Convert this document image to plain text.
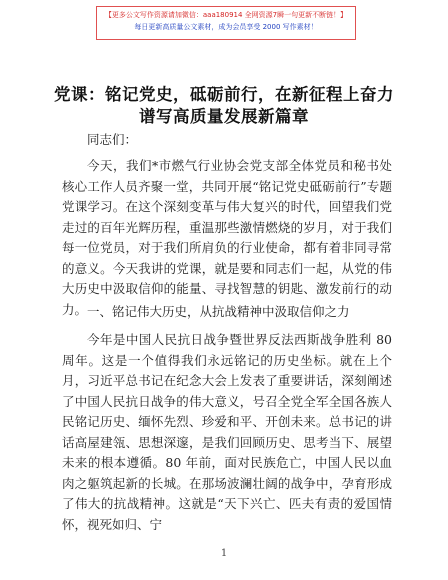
【更多公文写作资源请加微信：aaa180914 全网资源7瞬一句更新不断链！】
每日更新高质量公文素材，成为会员享受 2000 写作素材！
党课：铭记党史，砥砺前行，在新征程上奋力
谱写高质量发展新篇章

同志们：

今天，我们*市燃气行业协会党支部全体党员和秘书处核心工作人员齐聚一堂，共同开展“铭记党史砥砺前行”专题党课学习。在这个深刻变革与伟大复兴的时代，回望我们党走过的百年光辉历程，重温那些激情燃烧的岁月，对于我们每一位党员，对于我们所肩负的行业使命，都有着非同寻常的意义。今天我讲的党课，就是要和同志们一起，从党的伟大历史中汲取信仰的能量、寻找智慧的钥匙、激发前行的动力。 一、铭记伟大历史，从抗战精神中汲取信仰之力

今年是中国人民抗日战争暨世界反法西斯战争胜利 80 周年。这是一个值得我们永远铭记的历史坐标。就在上个月，习近平总书记在纪念大会上发表了重要讲话，深刻阐述了中国人民抗日战争的伟大意义，号召全党全军全国各族人民铭记历史、缅怀先烈、珍爱和平、开创未来。总书记的讲话高屋建瓴、思想深邃，是我们回顾历史、思考当下、展望未来的根本遵循。80 年前，面对民族危亡，中国人民以血肉之躯筑起新的长城。在那场波澜壮阔的战争中，孕育形成了伟大的抗战精神。这就是“天下兴亡、匹夫有责的爱国情怀，视死如归、宁

1
